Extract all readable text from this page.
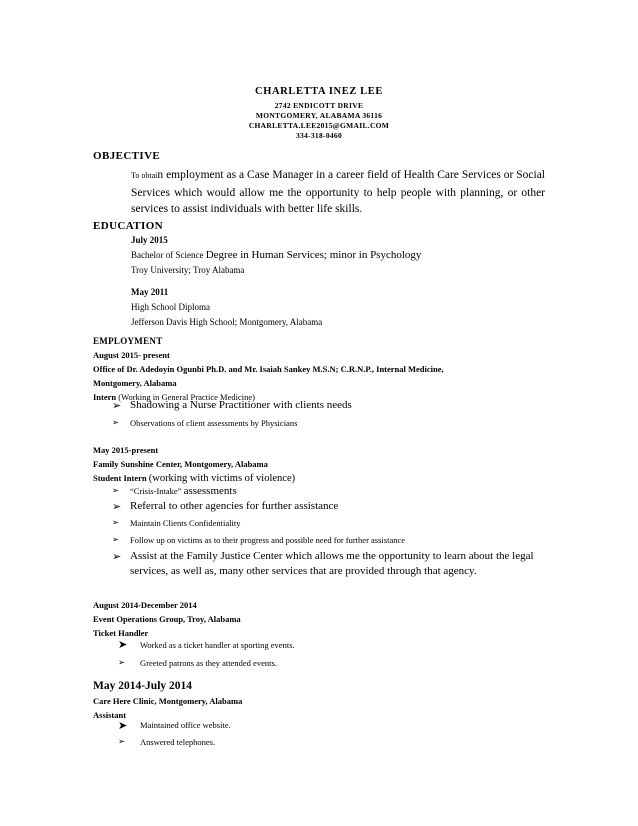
CHARLETTA INEZ LEE
2742 ENDICOTT DRIVE
MONTGOMERY, ALABAMA 36116
CHARLETTA.LEE2015@GMAIL.COM
334-318-0460
OBJECTIVE
To obtain employment as a Case Manager in a career field of Health Care Services or Social Services which would allow me the opportunity to help people with planning, or other services to assist individuals with better life skills.
EDUCATION
July 2015
Bachelor of Science Degree in Human Services; minor in Psychology
Troy University; Troy Alabama
May 2011
High School Diploma
Jefferson Davis High School; Montgomery, Alabama
EMPLOYMENT
August 2015- present
Office of Dr. Adedoyin Ogunbi Ph.D. and Mr. Isaiah Sankey M.S.N; C.R.N.P., Internal Medicine,
Montgomery, Alabama
Intern (Working in General Practice Medicine)
➢ Shadowing a Nurse Practitioner with clients needs
➢ Observations of client assessments by Physicians
May 2015-present
Family Sunshine Center, Montgomery, Alabama
Student Intern (working with victims of violence)
➢ “Crisis-Intake” assessments
➢ Referral to other agencies for further assistance
➢ Maintain Clients Confidentiality
➢ Follow up on victims as to their progress and possible need for further assistance
➢ Assist at the Family Justice Center which allows me the opportunity to learn about the legal services, as well as, many other services that are provided through that agency.
August 2014-December 2014
Event Operations Group, Troy, Alabama
Ticket Handler
➤ Worked as a ticket handler at sporting events.
➢ Greeted patrons as they attended events.
May 2014-July 2014
Care Here Clinic, Montgomery, Alabama
Assistant
➤ Maintained office website.
➢ Answered telephones.
